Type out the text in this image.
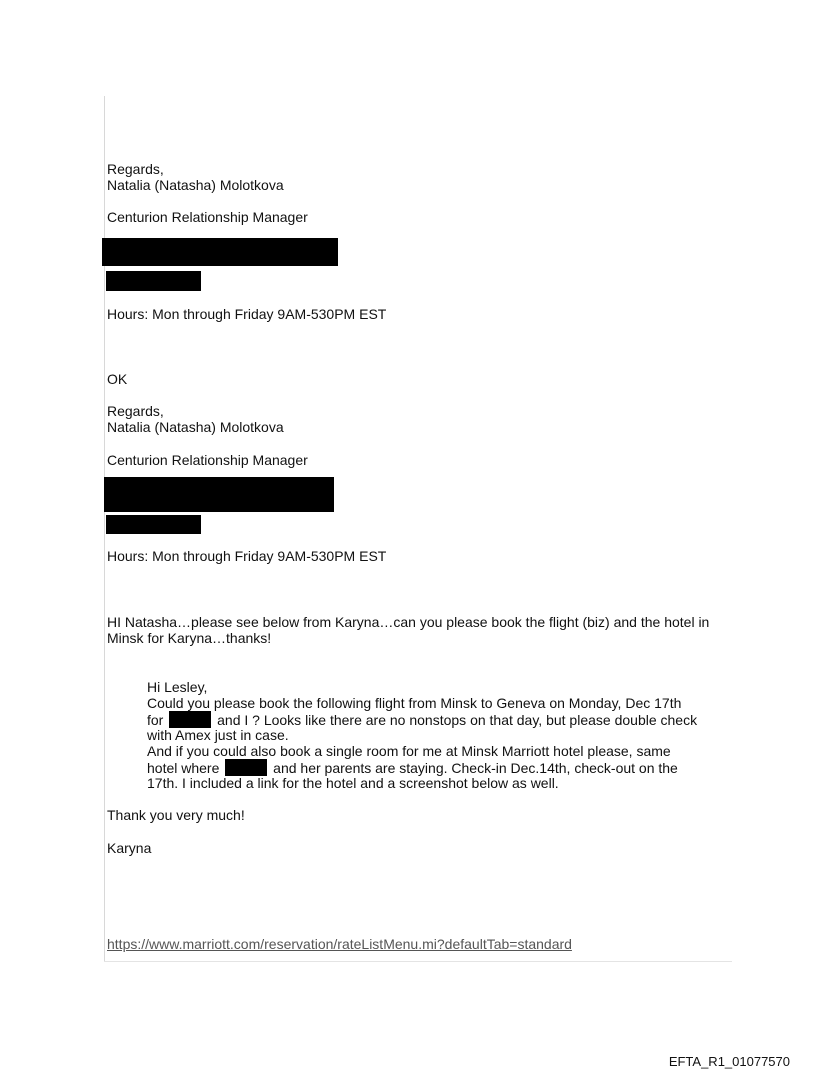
Regards,
Natalia (Natasha) Molotkova
Centurion Relationship Manager
Hours: Mon through Friday 9AM-530PM EST
OK
Regards,
Natalia (Natasha) Molotkova
Centurion Relationship Manager
Hours: Mon through Friday 9AM-530PM EST
HI Natasha…please see below from Karyna…can you please book the flight (biz) and the hotel in
Minsk for Karyna…thanks!
Hi Lesley,
Could you please book the following flight from Minsk to Geneva on Monday, Dec 17th
for	and I ? Looks like there are no nonstops on that day, but please double check
with Amex just in case.
And if you could also book a single room for me at Minsk Marriott hotel please, same
hotel where	and her parents are staying. Check-in Dec.14th, check-out on the
17th. I included a link for the hotel and a screenshot below as well.
Thank you very much!
Karyna
https://www.marriott.com/reservation/rateListMenu.mi?defaultTab=standard
EFTA_R1_01077570
